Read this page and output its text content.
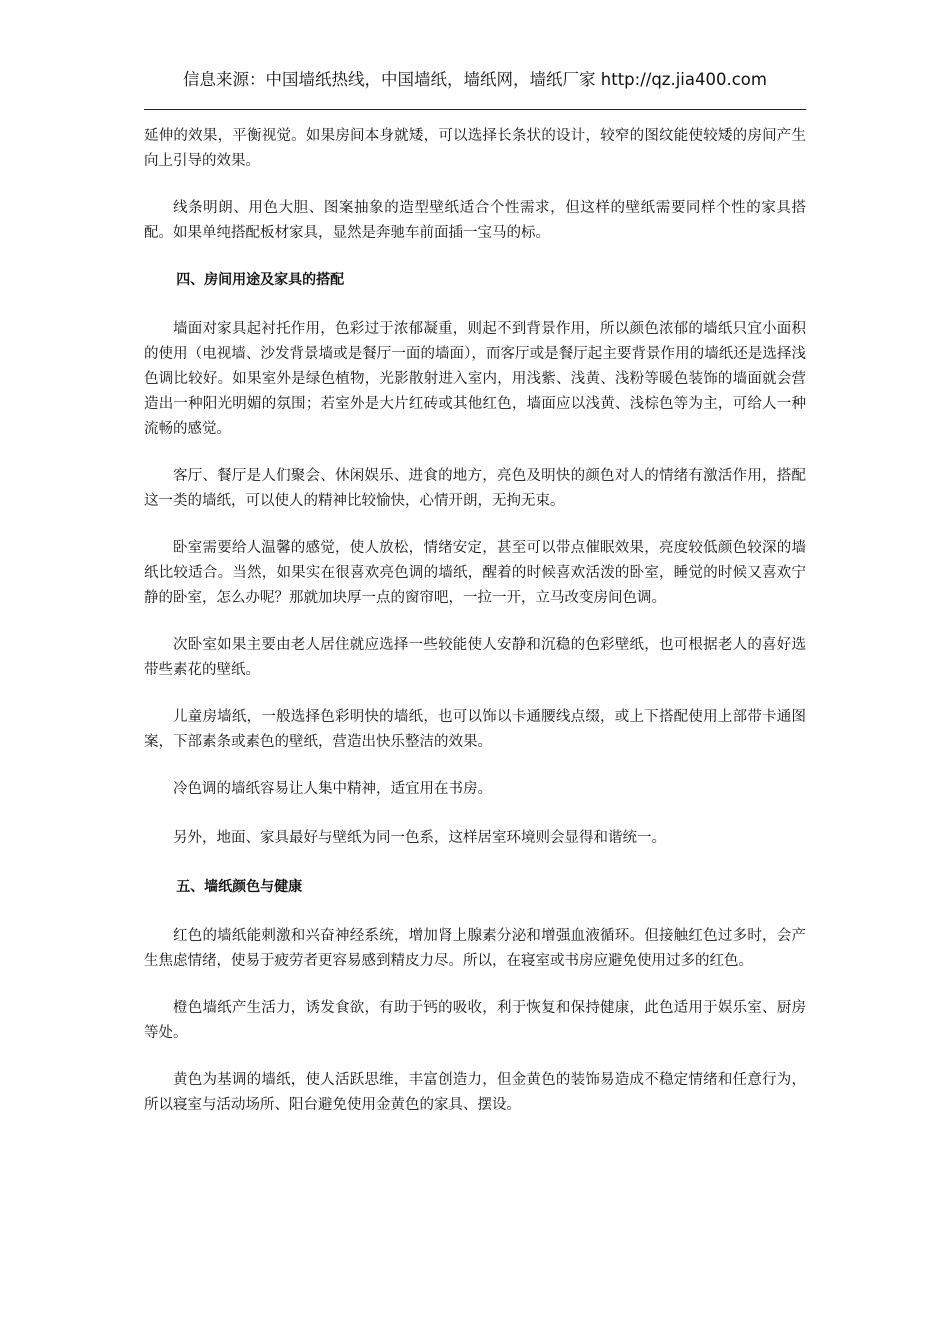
信息来源：中国墙纸热线，中国墙纸，墙纸网，墙纸厂家 http://qz.jia400.com

延伸的效果，平衡视觉。如果房间本身就矮，可以选择长条状的设计，较窄的图纹能使较矮的房间产生向上引导的效果。

线条明朗、用色大胆、图案抽象的造型壁纸适合个性需求，但这样的壁纸需要同样个性的家具搭配。如果单纯搭配板材家具，显然是奔驰车前面插一宝马的标。

四、房间用途及家具的搭配

墙面对家具起衬托作用，色彩过于浓郁凝重，则起不到背景作用，所以颜色浓郁的墙纸只宜小面积的使用（电视墙、沙发背景墙或是餐厅一面的墙面），而客厅或是餐厅起主要背景作用的墙纸还是选择浅色调比较好。如果室外是绿色植物，光影散射进入室内，用浅紫、浅黄、浅粉等暖色装饰的墙面就会营造出一种阳光明媚的氛围；若室外是大片红砖或其他红色，墙面应以浅黄、浅棕色等为主，可给人一种流畅的感觉。

客厅、餐厅是人们聚会、休闲娱乐、进食的地方，亮色及明快的颜色对人的情绪有激活作用，搭配这一类的墙纸，可以使人的精神比较愉快，心情开朗，无拘无束。

卧室需要给人温馨的感觉，使人放松，情绪安定，甚至可以带点催眠效果，亮度较低颜色较深的墙纸比较适合。当然，如果实在很喜欢亮色调的墙纸，醒着的时候喜欢活泼的卧室，睡觉的时候又喜欢宁静的卧室，怎么办呢？那就加块厚一点的窗帘吧，一拉一开，立马改变房间色调。

次卧室如果主要由老人居住就应选择一些较能使人安静和沉稳的色彩壁纸，也可根据老人的喜好选带些素花的壁纸。

儿童房墙纸，一般选择色彩明快的墙纸，也可以饰以卡通腰线点缀，或上下搭配使用上部带卡通图案，下部素条或素色的壁纸，营造出快乐整洁的效果。

冷色调的墙纸容易让人集中精神，适宜用在书房。

另外，地面、家具最好与壁纸为同一色系，这样居室环境则会显得和谐统一。

五、墙纸颜色与健康

红色的墙纸能刺激和兴奋神经系统，增加肾上腺素分泌和增强血液循环。但接触红色过多时，会产生焦虑情绪，使易于疲劳者更容易感到精皮力尽。所以，在寝室或书房应避免使用过多的红色。

橙色墙纸产生活力，诱发食欲，有助于钙的吸收，利于恢复和保持健康，此色适用于娱乐室、厨房等处。

黄色为基调的墙纸，使人活跃思维，丰富创造力，但金黄色的装饰易造成不稳定情绪和任意行为，所以寝室与活动场所、阳台避免使用金黄色的家具、摆设。
